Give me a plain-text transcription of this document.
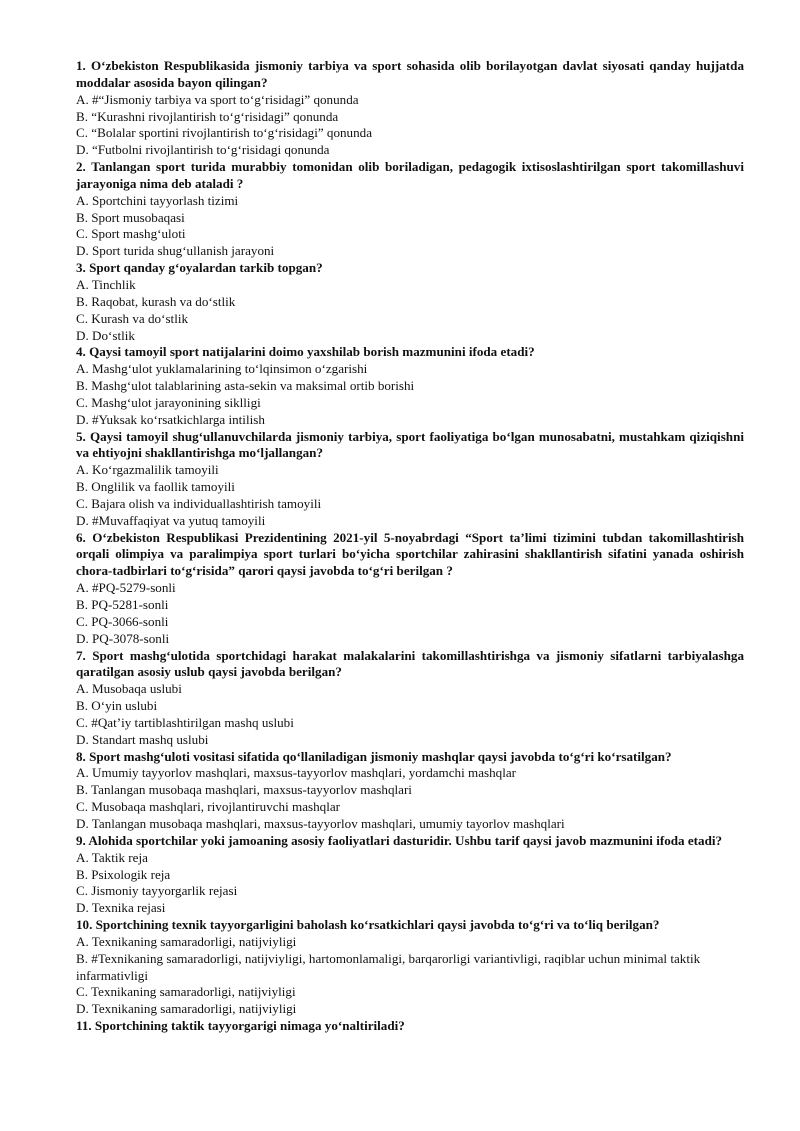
1. O‘zbekiston Respublikasida jismoniy tarbiya va sport sohasida olib borilayotgan davlat siyosati qanday hujjatda moddalar asosida bayon qilingan?

A. #“Jismoniy tarbiya va sport to‘g‘risidagi” qonunda

B. “Kurashni rivojlantirish to‘g‘risidagi” qonunda

C. “Bolalar sportini rivojlantirish to‘g‘risidagi” qonunda

D. “Futbolni rivojlantirish to‘g‘risidagi qonunda

2. Tanlangan sport turida murabbiy tomonidan olib boriladigan, pedagogik ixtisoslashtirilgan sport takomillashuvi jarayoniga nima deb ataladi ?

A. Sportchini tayyorlash tizimi

B. Sport musobaqasi

C. Sport mashg‘uloti

D. Sport turida shug‘ullanish jarayoni

3. Sport qanday g‘oyalardan tarkib topgan?

A. Tinchlik

B. Raqobat, kurash va do‘stlik

C. Kurash va do‘stlik

D. Do‘stlik

4. Qaysi tamoyil sport natijalarini doimo yaxshilab borish mazmunini ifoda etadi?

A. Mashg‘ulot yuklamalarining to‘lqinsimon o‘zgarishi

B. Mashg‘ulot talablarining asta-sekin va maksimal ortib borishi

C. Mashg‘ulot jarayonining siklligi

D. #Yuksak ko‘rsatkichlarga intilish

5. Qaysi tamoyil shug‘ullanuvchilarda jismoniy tarbiya, sport faoliyatiga bo‘lgan munosabatni, mustahkam qiziqishni va ehtiyojni shakllantirishga mo‘ljallangan?

A. Ko‘rgazmalilik tamoyili

B. Onglilik va faollik tamoyili

C. Bajara olish va individuallashtirish tamoyili

D. #Muvaffaqiyat va yutuq tamoyili

6. O‘zbekiston Respublikasi Prezidentining 2021-yil 5-noyabrdagi “Sport ta’limi tizimini tubdan takomillashtirish orqali olimpiya va paralimpiya sport turlari bo‘yicha sportchilar zahirasini shakllantirish sifatini yanada oshirish chora-tadbirlari to‘g‘risida” qarori qaysi javobda to‘g‘ri berilgan ?

A. #PQ-5279-sonli

B. PQ-5281-sonli

C. PQ-3066-sonli

D. PQ-3078-sonli

7. Sport mashg‘ulotida sportchidagi harakat malakalarini takomillashtirishga va jismoniy sifatlarni tarbiyalashga qaratilgan asosiy uslub qaysi javobda berilgan?

A. Musobaqa uslubi

B. O‘yin uslubi

C. #Qat’iy tartiblashtirilgan mashq uslubi

D. Standart mashq uslubi

8. Sport mashg‘uloti vositasi sifatida qo‘llaniladigan jismoniy mashqlar qaysi javobda to‘g‘ri ko‘rsatilgan?

A. Umumiy tayyorlov mashqlari, maxsus-tayyorlov mashqlari, yordamchi mashqlar

B. Tanlangan musobaqa mashqlari, maxsus-tayyorlov mashqlari

C. Musobaqa mashqlari, rivojlantiruvchi mashqlar

D. Tanlangan musobaqa mashqlari, maxsus-tayyorlov mashqlari, umumiy tayorlov mashqlari

9. Alohida sportchilar yoki jamoaning asosiy faoliyatlari dasturidir. Ushbu tarif qaysi javob mazmunini ifoda etadi?

A. Taktik reja

B. Psixologik reja

C. Jismoniy tayyorgarlik rejasi

D. Texnika rejasi

10. Sportchining texnik tayyorgarligini baholash ko‘rsatkichlari qaysi javobda to‘g‘ri va to‘liq berilgan?

A. Texnikaning samaradorligi, natijviyligi

B. #Texnikaning samaradorligi, natijviyligi, hartomonlamaligi, barqarorligi variantivligi, raqiblar uchun minimal taktik infarmativligi

C. Texnikaning samaradorligi, natijviyligi

D. Texnikaning samaradorligi, natijviyligi

11. Sportchining taktik tayyorgarigi nimaga yo‘naltiriladi?
